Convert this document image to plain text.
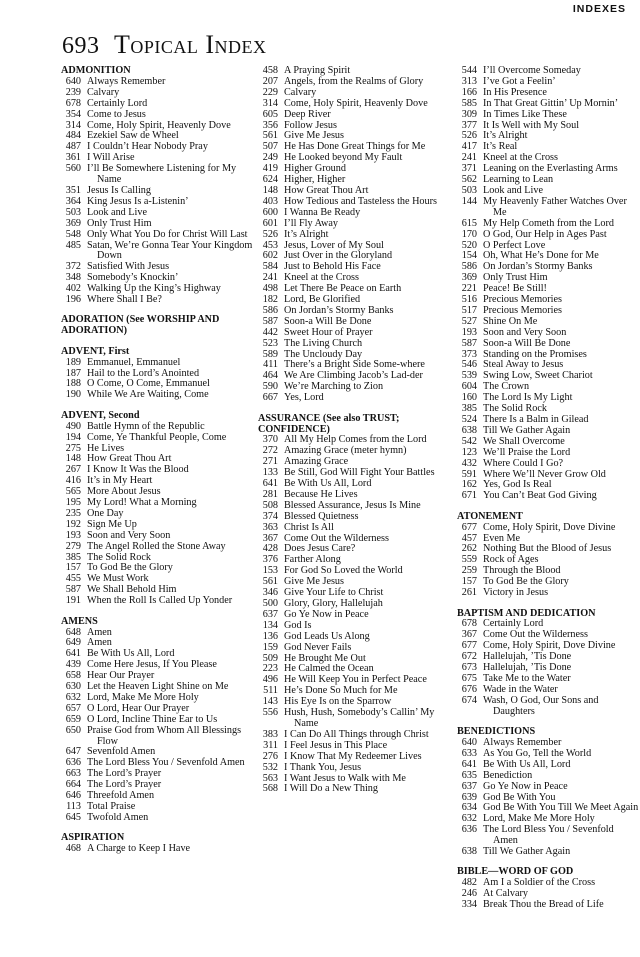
INDEXES
693 Topical Index
ADMONITION
640 Always Remember
239 Calvary
678 Certainly Lord
354 Come to Jesus
314 Come, Holy Spirit, Heavenly Dove
484 Ezekiel Saw de Wheel
487 I Couldn’t Hear Nobody Pray
361 I Will Arise
560 I’ll Be Somewhere Listening for My Name
351 Jesus Is Calling
364 King Jesus Is a-Listenin’
503 Look and Live
369 Only Trust Him
548 Only What You Do for Christ Will Last
485 Satan, We’re Gonna Tear Your Kingdom Down
372 Satisfied With Jesus
348 Somebody’s Knockin’
402 Walking Up the King’s Highway
196 Where Shall I Be?
ADORATION (See WORSHIP AND ADORATION)
ADVENT, First
189 Emmanuel, Emmanuel
187 Hail to the Lord’s Anointed
188 O Come, O Come, Emmanuel
190 While We Are Waiting, Come
ADVENT, Second
490 Battle Hymn of the Republic
194 Come, Ye Thankful People, Come
275 He Lives
148 How Great Thou Art
267 I Know It Was the Blood
416 It’s in My Heart
565 More About Jesus
195 My Lord! What a Morning
235 One Day
192 Sign Me Up
193 Soon and Very Soon
279 The Angel Rolled the Stone Away
385 The Solid Rock
157 To God Be the Glory
455 We Must Work
587 We Shall Behold Him
191 When the Roll Is Called Up Yonder
AMENS
648 Amen
649 Amen
641 Be With Us All, Lord
439 Come Here Jesus, If You Please
658 Hear Our Prayer
630 Let the Heaven Light Shine on Me
632 Lord, Make Me More Holy
657 O Lord, Hear Our Prayer
659 O Lord, Incline Thine Ear to Us
650 Praise God from Whom All Blessings Flow
647 Sevenfold Amen
636 The Lord Bless You / Sevenfold Amen
663 The Lord’s Prayer
664 The Lord’s Prayer
646 Threefold Amen
113 Total Praise
645 Twofold Amen
ASPIRATION
468 A Charge to Keep I Have
458 A Praying Spirit
207 Angels, from the Realms of Glory
229 Calvary
314 Come, Holy Spirit, Heavenly Dove
605 Deep River
356 Follow Jesus
561 Give Me Jesus
507 He Has Done Great Things for Me
249 He Looked beyond My Fault
419 Higher Ground
624 Higher, Higher
148 How Great Thou Art
403 How Tedious and Tasteless the Hours
600 I Wanna Be Ready
601 I’ll Fly Away
526 It’s Alright
453 Jesus, Lover of My Soul
602 Just Over in the Gloryland
584 Just to Behold His Face
241 Kneel at the Cross
498 Let There Be Peace on Earth
182 Lord, Be Glorified
586 On Jordan’s Stormy Banks
587 Soon-a Will Be Done
442 Sweet Hour of Prayer
523 The Living Church
589 The Uncloudy Day
411 There’s a Bright Side Some-where
464 We Are Climbing Jacob’s Lad-der
590 We’re Marching to Zion
667 Yes, Lord
ASSURANCE (See also TRUST; CONFIDENCE)
370 All My Help Comes from the Lord
272 Amazing Grace (meter hymn)
271 Amazing Grace
133 Be Still, God Will Fight Your Battles
641 Be With Us All, Lord
281 Because He Lives
508 Blessed Assurance, Jesus Is Mine
374 Blessed Quietness
363 Christ Is All
367 Come Out the Wilderness
428 Does Jesus Care?
376 Farther Along
153 For God So Loved the World
561 Give Me Jesus
346 Give Your Life to Christ
500 Glory, Glory, Hallelujah
637 Go Ye Now in Peace
134 God Is
136 God Leads Us Along
159 God Never Fails
509 He Brought Me Out
223 He Calmed the Ocean
496 He Will Keep You in Perfect Peace
511 He’s Done So Much for Me
143 His Eye Is on the Sparrow
556 Hush, Hush, Somebody’s Callin’ My Name
383 I Can Do All Things through Christ
311 I Feel Jesus in This Place
276 I Know That My Redeemer Lives
532 I Thank You, Jesus
563 I Want Jesus to Walk with Me
568 I Will Do a New Thing
544 I’ll Overcome Someday
313 I’ve Got a Feelin’
166 In His Presence
585 In That Great Gittin’ Up Mornin’
309 In Times Like These
377 It Is Well with My Soul
526 It’s Alright
417 It’s Real
241 Kneel at the Cross
371 Leaning on the Everlasting Arms
562 Learning to Lean
503 Look and Live
144 My Heavenly Father Watches Over Me
615 My Help Cometh from the Lord
170 O God, Our Help in Ages Past
520 O Perfect Love
154 Oh, What He’s Done for Me
586 On Jordan’s Stormy Banks
369 Only Trust Him
221 Peace! Be Still!
516 Precious Memories
517 Precious Memories
527 Shine On Me
193 Soon and Very Soon
587 Soon-a Will Be Done
373 Standing on the Promises
546 Steal Away to Jesus
539 Swing Low, Sweet Chariot
604 The Crown
160 The Lord Is My Light
385 The Solid Rock
524 There Is a Balm in Gilead
638 Till We Gather Again
542 We Shall Overcome
123 We’ll Praise the Lord
432 Where Could I Go?
591 Where We’ll Never Grow Old
162 Yes, God Is Real
671 You Can’t Beat God Giving
ATONEMENT
677 Come, Holy Spirit, Dove Divine
457 Even Me
262 Nothing But the Blood of Jesus
559 Rock of Ages
259 Through the Blood
157 To God Be the Glory
261 Victory in Jesus
BAPTISM AND DEDICATION
678 Certainly Lord
367 Come Out the Wilderness
677 Come, Holy Spirit, Dove Divine
672 Hallelujah, ’Tis Done
673 Hallelujah, ’Tis Done
675 Take Me to the Water
676 Wade in the Water
674 Wash, O God, Our Sons and Daughters
BENEDICTIONS
640 Always Remember
633 As You Go, Tell the World
641 Be With Us All, Lord
635 Benediction
637 Go Ye Now in Peace
639 God Be With You
634 God Be With You Till We Meet Again
632 Lord, Make Me More Holy
636 The Lord Bless You / Sevenfold Amen
638 Till We Gather Again
BIBLE—WORD OF GOD
482 Am I a Soldier of the Cross
246 At Calvary
334 Break Thou the Bread of Life
